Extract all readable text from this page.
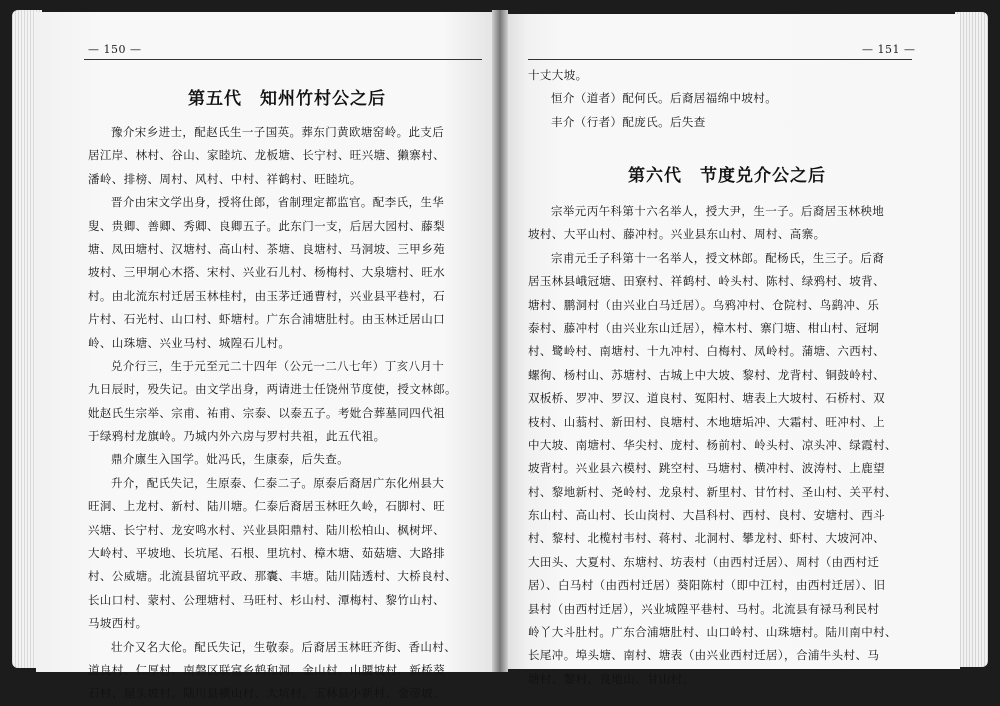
— 150 —
第五代　知州竹村公之后
豫介宋乡进士，配赵氏生一子国英。葬东门黄欧塘窑岭。此支后
居江岸、林村、谷山、家睦坑、龙板塘、长宁村、旺兴塘、獭寨村、
潘岭、排榜、周村、风村、中村、祥鹤村、旺睦坑。
晋介由宋文学出身，授将仕郎，省制理定都监官。配李氏，生华
叟、贵卿、善卿、秀卿、良卿五子。此东门一支，后居大园村、藤梨
塘、凤田塘村、汉塘村、高山村、茶塘、良塘村、马洞坡、三甲乡苑
坡村、三甲垌心木搭、宋村、兴业石儿村、杨梅村、大泉塘村、旺水
村。由北流东村迁居玉林桂村，由玉茅迁通曹村，兴业县平巷村，石
片村、石光村、山口村、虾塘村。广东合浦塘肚村。由玉林迁居山口
岭、山珠塘、兴业马村、城隍石儿村。
兑介行三，生于元至元二十四年（公元一二八七年）丁亥八月十
九日辰时，殁失记。由文学出身，两请进士任饶州节度使，授文林郎。
妣赵氏生宗举、宗甫、祐甫、宗泰、以泰五子。考妣合葬墓同四代祖
于绿鸦村龙旗岭。乃城内外六房与罗村共祖，此五代祖。
鼎介廪生入国学。妣冯氏，生康泰，后失查。
升介，配氏失记，生原泰、仁泰二子。原泰后裔居广东化州县大
旺洞、上龙村、新村、陆川塘。仁泰后裔居玉林旺久岭，石脚村、旺
兴塘、长宁村、龙安鸣水村、兴业县阳鼎村、陆川松柏山、枫树坪、
大岭村、平坡地、长坑尾、石根、里坑村、樟木塘、茹菇塘、大路排
村、公威塘。北流县留坑平政、那囊、丰塘。陆川陆透村、大桥良村、
长山口村、蒙村、公理塘村、马旺村、杉山村、潭梅村、黎竹山村、
马坡西村。
壮介又名大伦。配氏失记，生敬泰。后裔居玉林旺齐街、香山村、
道良村、仁厚村、南磐区联富乡鹤和洞、金山村、山腰坡村、新桥葵
石村、屋头坡村。陆川县横山村、大坑村。玉林县小新村、金帝坡、
— 151 —
十丈大坡。
恒介（道者）配何氏。后裔居福绵中坡村。
丰介（行者）配庞氏。后失查
第六代　节度兑介公之后
宗举元丙午科第十六名举人，授大尹，生一子。后裔居玉林秧地
坡村、大平山村、藤冲村。兴业县东山村、周村、高寨。
宗甫元壬子科第十一名举人，授文林郎。配杨氏，生三子。后裔
居玉林县峨冠塘、田寮村、祥鹤村、岭头村、陈村、绿鸦村、坡背、
塘村、鹏洞村（由兴业白马迁居）。乌鸦冲村、仓院村、鸟鹞冲、乐
泰村、藤冲村（由兴业东山迁居），樟木村、寨门塘、柑山村、冠垌
村、鹭岭村、南塘村、十九冲村、白梅村、凤岭村。蒲塘、六西村、
螺徇、杨村山、苏塘村、古城上中大坡、黎村、龙背村、铜鼓岭村、
双板桥、罗冲、罗汉、道良村、冤阳村、塘表上大坡村、石桥村、双
枝村、山蓊村、新田村、良塘村、木地塘垢冲、大霜村、旺冲村、上
中大坡、南塘村、华尖村、庞村、杨前村、岭头村、凉头冲、绿霞村、
坡背村。兴业县六模村、跳空村、马塘村、横冲村、波涛村、上鹿望
村、黎地新村、尧岭村、龙泉村、新里村、甘竹村、圣山村、关平村、
东山村、高山村、长山岗村、大昌科村、西村、良村、安塘村、西斗
村、黎村、北榄村韦村、蒋村、北洞村、攀龙村、虾村、大坡河冲、
大田头、大夏村、东塘村、坊表村（由西村迁居）、周村（由西村迁
居）、白马村（由西村迁居）葵阳陈村（即中江村，由西村迁居）、旧
县村（由西村迁居），兴业城隍平巷村、马村。北流县有禄马利民村
岭丫大斗肚村。广东合浦塘肚村、山口岭村、山珠塘村。陆川南中村、
长尾冲。埠头塘、南村、塘表（由兴业西村迁居），合浦牛头村、马
塘村、黎村、良地山、甘山村。
